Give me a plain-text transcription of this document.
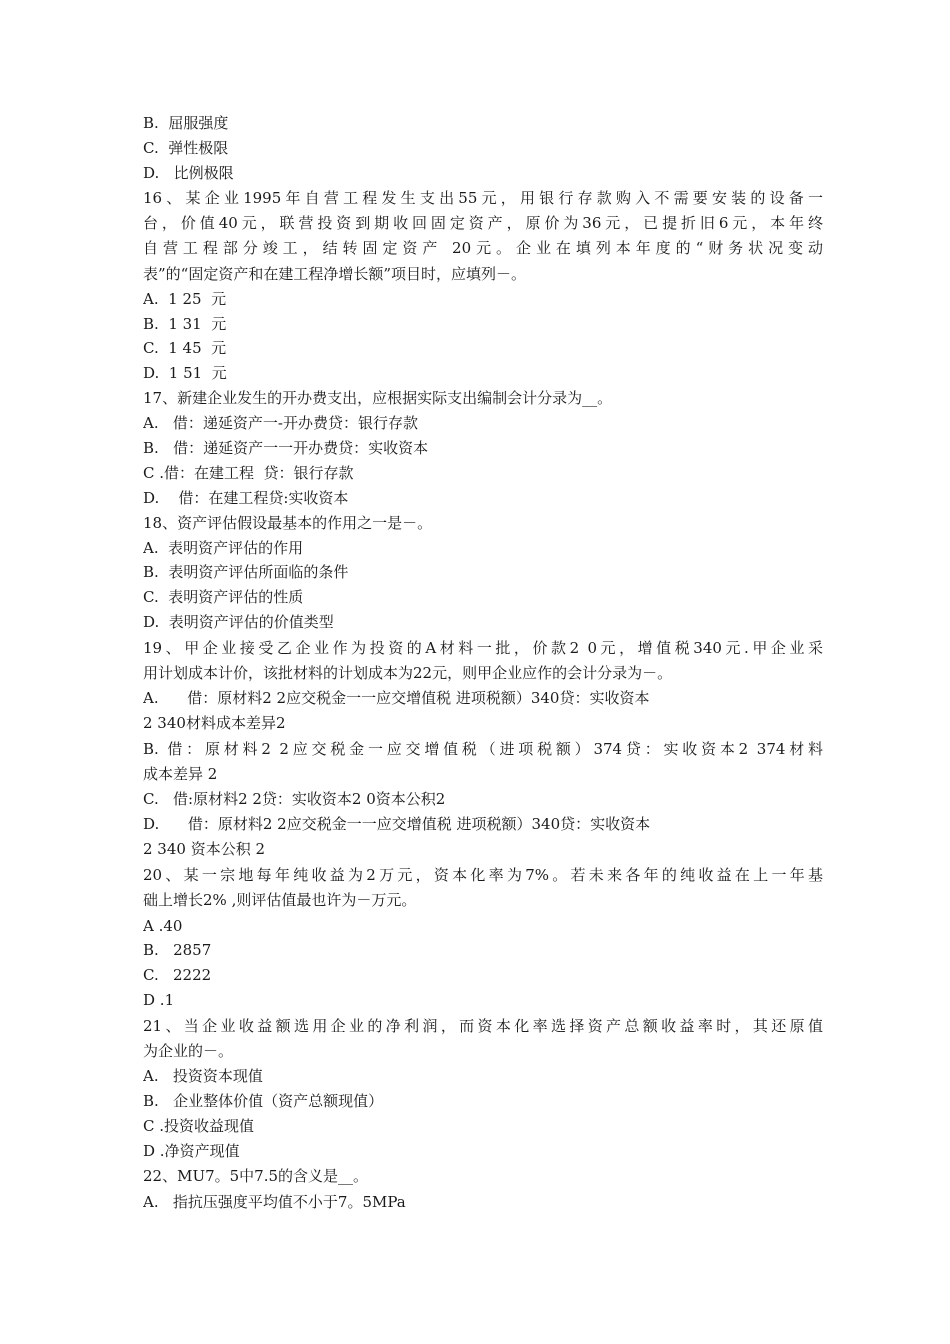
B.  屈服强度
C.  弹性极限
D.   比例极限
16、某企业1995年自营工程发生支出55元，用银行存款购入不需要安装的设备一
台，价值40元，联营投资到期收回固定资产，原价为36元，已提折旧6元，本年终
自营工程部分竣工，结转固定资产 20元。企业在填列本年度的“财务状况变动
表”的“固定资产和在建工程净增长额”项目时，应填列－。
A.  1 25  元
B.  1 31  元
C.  1 45  元
D.  1 51  元
17、新建企业发生的开办费支出，应根据实际支出编制会计分录为__。
A.   借：递延资产一-开办费贷：银行存款
B.   借：递延资产一一开办费贷：实收资本
C .借：在建工程  贷：银行存款
D.    借：在建工程贷:实收资本
18、资产评估假设最基本的作用之一是－。
A.  表明资产评估的作用
B.  表明资产评估所面临的条件
C.  表明资产评估的性质
D.  表明资产评估的价值类型
19、甲企业接受乙企业作为投资的A材料一批，价款2 0元，增值税340元.甲企业采
用计划成本计价，该批材料的计划成本为22元，则甲企业应作的会计分录为－。
A.      借：原材料2 2应交税金一一应交增值税 进项税额）340贷：实收资本
2 340材料成本差异2
B. 借：原材料2 2应交税金一应交增值税（进项税额）374贷：实收资本2 374材料
成本差异 2
C.   借:原材料2 2贷：实收资本2 0资本公积2
D.      借：原材料2 2应交税金一一应交增值税 进项税额）340贷：实收资本
2 340 资本公积 2
20、某一宗地每年纯收益为2万元，资本化率为7%。若未来各年的纯收益在上一年基
础上增长2% ,则评估值最也许为－万元。
A .40
B.   2857
C.   2222
D .1
21、当企业收益额选用企业的净利润，而资本化率选择资产总额收益率时，其还原值
为企业的－。
A.   投资资本现值
B.   企业整体价值（资产总额现值）
C .投资收益现值
D .净资产现值
22、MU7。5中7.5的含义是__。
A.   指抗压强度平均值不小于7。5MPa
